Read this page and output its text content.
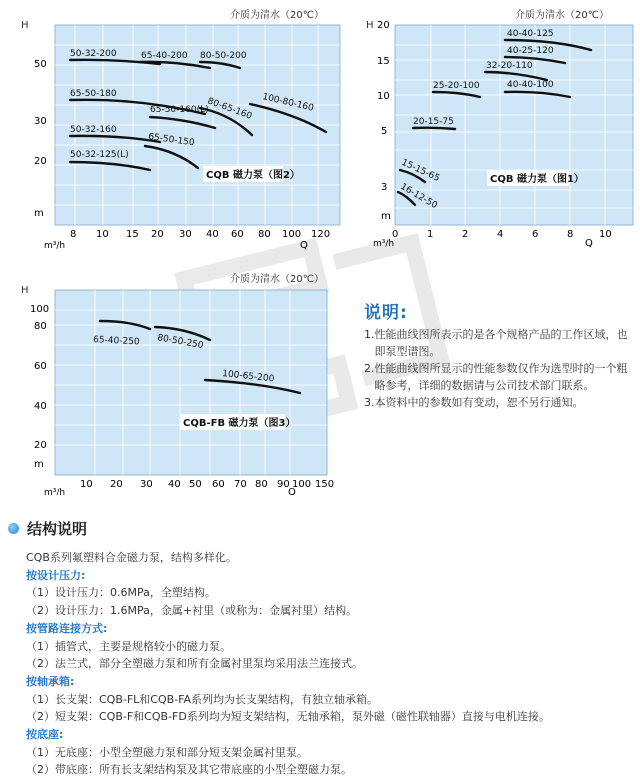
介质为清水（20℃）
H
50
30
20
m
8 10 15 20 30 40 60 80 100 120
m³/h	Q
50-32-200	65-40-200 80-50-200
65-50-180
65-50-160(L)
80-65-160 100-80-160
50-32-160
65-50-150
50-32-125(L)
CQB 磁力泵（图2）
介质为清水（20℃）
H 20
15
10
5
3
m
0	1	2	4	6	8	10
m³/h	Q
40-40-125
40-25-120
32-20-110
25-20-100	40-40-100
20-15-75
15-15-65
16-12-50
CQB 磁力泵（图1）
介质为清水（20℃）
H
100
80
60
40
20
m
10 20 30 40 50 60 70 80 90 100 150
m³/h	Q
65-40-250 80-50-250
100-65-200
CQB-FB 磁力泵（图3）
说明:
1. 性能曲线图所表示的是各个规格产品的工作区域，也即泵型谱图。
2. 性能曲线图所显示的性能参数仅作为选型时的一个粗略参考，详细的数据请与公司技术部门联系。
3. 本资料中的参数如有变动，恕不另行通知。
结构说明
CQB系列氟塑料合金磁力泵，结构多样化。
按设计压力:
（1）设计压力：0.6MPa，全塑结构。
（2）设计压力：1.6MPa，金属+衬里（或称为：金属衬里）结构。
按管路连接方式:
（1）插管式，主要是规格较小的磁力泵。
（2）法兰式，部分全塑磁力泵和所有金属衬里泵均采用法兰连接式。
按轴承箱:
（1）长支架：CQB-FL和CQB-FA系列均为长支架结构，有独立轴承箱。
（2）短支架：CQB-F和CQB-FD系列均为短支架结构，无轴承箱，泵外磁（磁性联轴器）直接与电机连接。
按底座:
（1）无底座：小型全塑磁力泵和部分短支架金属衬里泵。
（2）带底座：所有长支架结构泵及其它带底座的小型全塑磁力泵。
